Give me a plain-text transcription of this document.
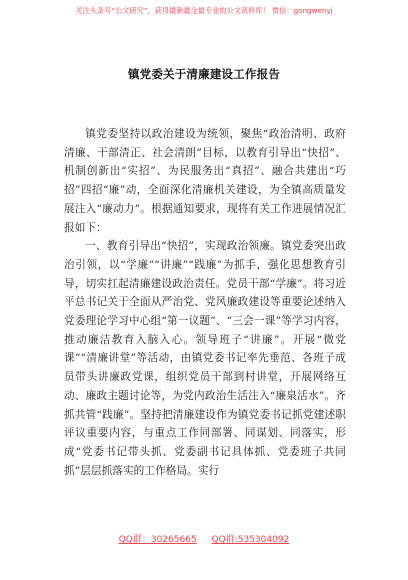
关注头条号“公文研究”，获得最新最全最专业的公文资料库！ 微信：gongwenyj
镇党委关于清廉建设工作报告

镇党委坚持以政治建设为统领，聚焦“政治清明、政府清廉、干部清正、社会清朗”目标，以教育引导出“快招”、机制创新出“实招”、为民服务出“真招”、融合共建出“巧招”四招“廉”动，全面深化清廉机关建设，为全镇高质量发展注入“廉动力”。根据通知要求，现将有关工作进展情况汇报如下：

一、教育引导出“快招”，实现政治领廉。镇党委突出政治引领，以“学廉”“讲廉”“践廉”为抓手，强化思想教育引导，切实扛起清廉建设政治责任。党员干部“学廉”。将习近平总书记关于全面从严治党、党风廉政建设等重要论述纳入党委理论学习中心组“第一议题”、“三会一课”等学习内容，推动廉洁教育入脑入心。领导班子“讲廉”。开展“微党课”“清廉讲堂”等活动，由镇党委书记率先垂范、各班子成员带头讲廉政党课，组织党员干部到村讲堂，开展网络互动、廉政主题讨论等，为党内政治生活注入“廉泉活水”。齐抓共管“践廉”。坚持把清廉建设作为镇党委书记抓党建述职评议重要内容，与重点工作同部署、同谋划、同落实，形成“党委书记带头抓、党委副书记具体抓、党委班子共同抓”层层抓落实的工作格局。实行

QQ群：30265665 QQ群:535304092
